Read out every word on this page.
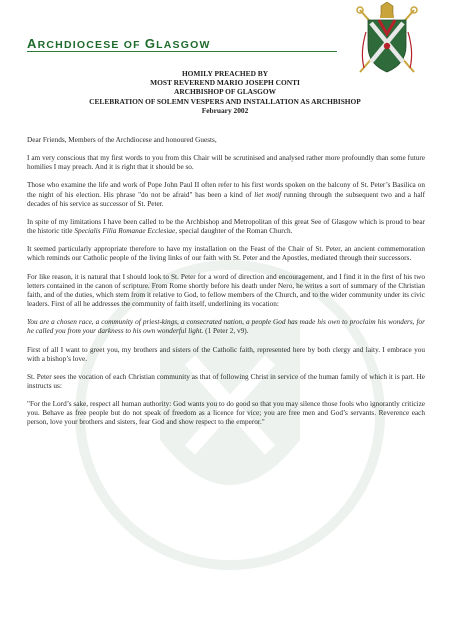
ARCHDIOCESE OF GLASGOW
HOMILY PREACHED BY
MOST REVEREND MARIO JOSEPH CONTI
ARCHBISHOP OF GLASGOW
CELEBRATION OF SOLEMN VESPERS AND INSTALLATION AS ARCHBISHOP
February 2002

Dear Friends, Members of the Archdiocese and honoured Guests,

I am very conscious that my first words to you from this Chair will be scrutinised and analysed rather more profoundly than some future homilies I may preach. And it is right that it should be so.

Those who examine the life and work of Pope John Paul II often refer to his first words spoken on the balcony of St. Peter’s Basilica on the night of his election. His phrase "do not be afraid" has been a kind of liet motif running through the subsequent two and a half decades of his service as successor of St. Peter.

In spite of my limitations I have been called to be the Archbishop and Metropolitan of this great See of Glasgow which is proud to bear the historic title Specialis Filia Romanae Ecclesiae, special daughter of the Roman Church.

It seemed particularly appropriate therefore to have my installation on the Feast of the Chair of St. Peter, an ancient commemoration which reminds our Catholic people of the living links of our faith with St. Peter and the Apostles, mediated through their successors.

For like reason, it is natural that I should look to St. Peter for a word of direction and encouragement, and I find it in the first of his two letters contained in the canon of scripture. From Rome shortly before his death under Nero, he writes a sort of summary of the Christian faith, and of the duties, which stem from it relative to God, to fellow members of the Church, and to the wider community under its civic leaders. First of all he addresses the community of faith itself, underlining its vocation:

You are a chosen race, a community of priest-kings, a consecrated nation, a people God has made his own to proclaim his wonders, for he called you from your darkness to his own wonderful light. (1 Peter 2, v9).

First of all I want to greet you, my brothers and sisters of the Catholic faith, represented here by both clergy and laity. I embrace you with a bishop’s love.

St. Peter sees the vocation of each Christian community as that of following Christ in service of the human family of which it is part. He instructs us:

"For the Lord’s sake, respect all human authority: God wants you to do good so that you may silence those fools who ignorantly criticize you. Behave as free people but do not speak of freedom as a licence for vice; you are free men and God’s servants. Reverence each person, love your brothers and sisters, fear God and show respect to the emperor."
